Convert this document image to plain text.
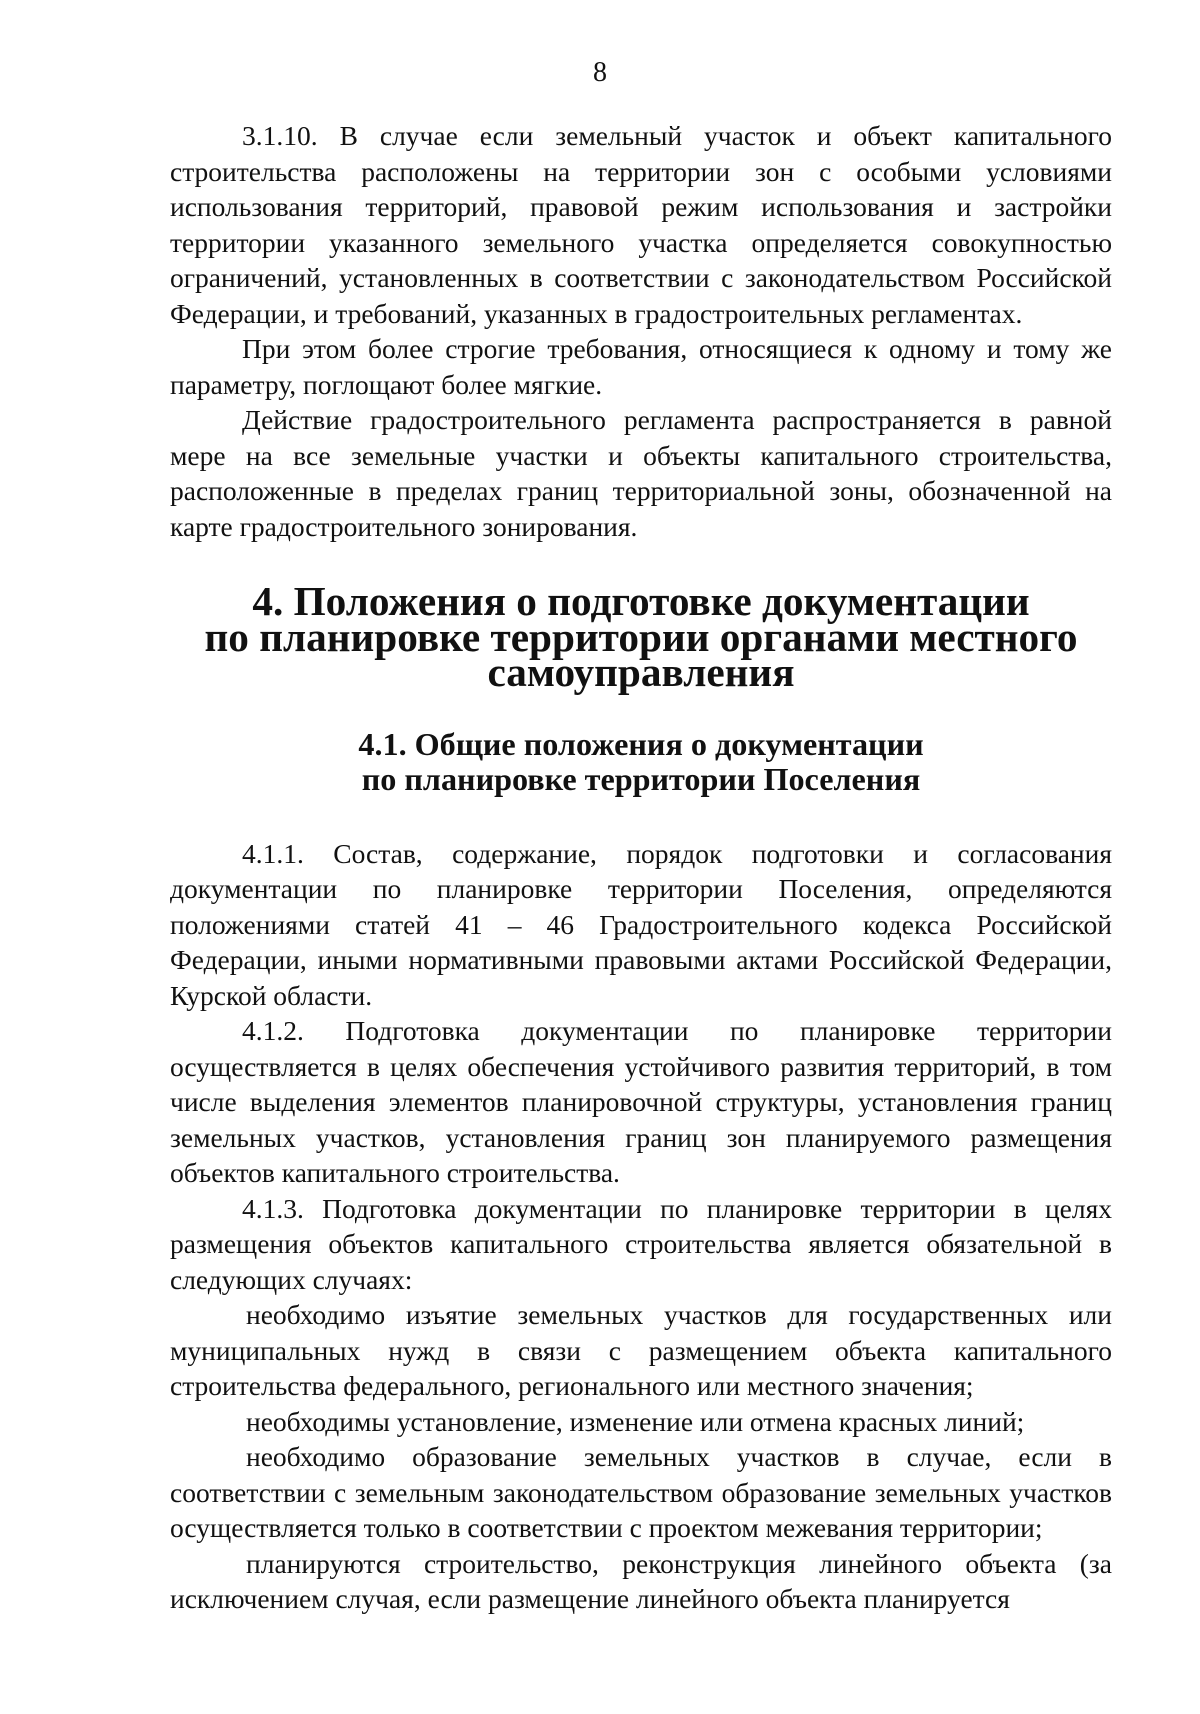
8

3.1.10. В случае если земельный участок и объект капитального строительства расположены на территории зон с особыми условиями использования территорий, правовой режим использования и застройки территории указанного земельного участка определяется совокупностью ограничений, установленных в соответствии с законодательством Российской Федерации, и требований, указанных в градостроительных регламентах.

При этом более строгие требования, относящиеся к одному и тому же параметру, поглощают более мягкие.

Действие градостроительного регламента распространяется в равной мере на все земельные участки и объекты капитального строительства, расположенные в пределах границ территориальной зоны, обозначенной на карте градостроительного зонирования.

4. Положения о подготовке документации
по планировке территории органами местного самоуправления
4.1. Общие положения о документации
по планировке территории Поселения

4.1.1. Состав, содержание, порядок подготовки и согласования документации по планировке территории Поселения, определяются положениями статей 41 – 46 Градостроительного кодекса Российской Федерации, иными нормативными правовыми актами Российской Федерации, Курской области.

4.1.2. Подготовка документации по планировке территории осуществляется в целях обеспечения устойчивого развития территорий, в том числе выделения элементов планировочной структуры, установления границ земельных участков, установления границ зон планируемого размещения объектов капитального строительства.

4.1.3. Подготовка документации по планировке территории в целях размещения объектов капитального строительства является обязательной в следующих случаях:

необходимо изъятие земельных участков для государственных или муниципальных нужд в связи с размещением объекта капитального строительства федерального, регионального или местного значения;

необходимы установление, изменение или отмена красных линий;

необходимо образование земельных участков в случае, если в соответствии с земельным законодательством образование земельных участков осуществляется только в соответствии с проектом межевания территории;

планируются строительство, реконструкция линейного объекта (за исключением случая, если размещение линейного объекта планируется
